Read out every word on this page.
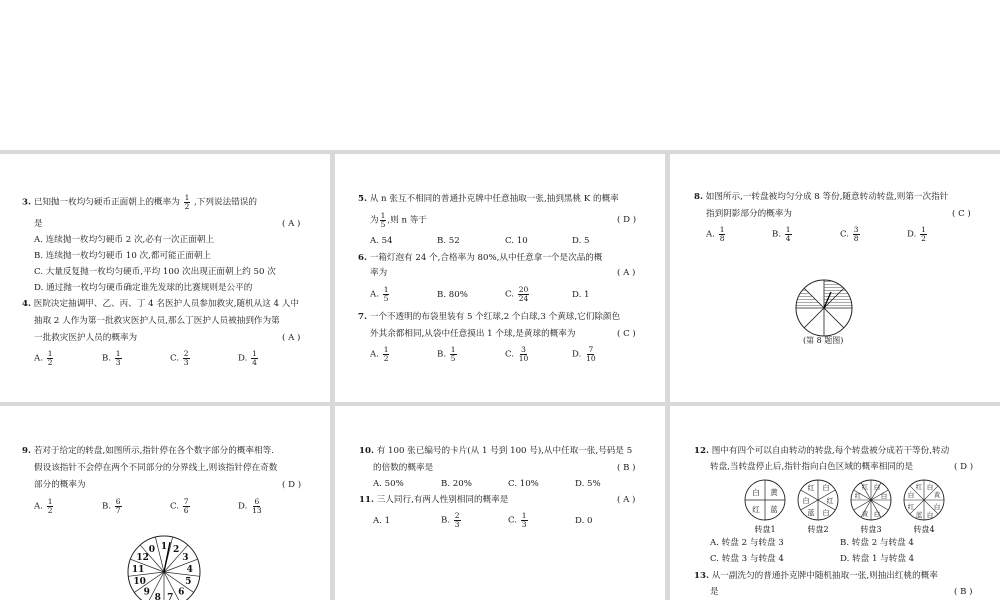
3. 已知抛一枚均匀硬币正面朝上的概率为 $\frac{1}{2}$ ,下列说法错误的
是	( A )
A. 连续抛一枚均匀硬币 2 次,必有一次正面朝上
B. 连续抛一枚均匀硬币 10 次,都可能正面朝上
C. 大量反复抛一枚均匀硬币,平均 100 次出现正面朝上约 50 次
D. 通过抛一枚均匀硬币确定谁先发球的比赛规则是公平的
4. 医院决定抽调甲、乙、丙、丁 4 名医护人员参加救灾,随机从这 4 人中
抽取 2 人作为第一批救灾医护人员,那么丁医护人员被抽到作为第
一批救灾医护人员的概率为	( A )
A. $\frac{1}{2}$	B. $\frac{1}{3}$	C. $\frac{2}{3}$	D. $\frac{1}{4}$
5. 从 n 张互不相同的普通扑克牌中任意抽取一张,抽到黑桃 K 的概率
为 $\frac{1}{5}$ ,则 n 等于	( D )
A. 54	B. 52	C. 10	D. 5
6. 一箱灯泡有 24 个,合格率为 80%,从中任意拿一个是次品的概
率为	( A )
A. $\frac{1}{5}$	B. 80%	C. $\frac{20}{24}$	D. 1
7. 一个不透明的布袋里装有 5 个红球,2 个白球,3 个黄球,它们除颜色
外其余都相同,从袋中任意摸出 1 个球,是黄球的概率为	( C )
A. $\frac{1}{2}$	B. $\frac{1}{5}$	C. $\frac{3}{10}$	D. $\frac{7}{10}$
8. 如图所示,一转盘被均匀分成 8 等份,随意转动转盘,则第一次指针
指到阴影部分的概率为	( C )
A. $\frac{1}{8}$	B. $\frac{1}{4}$	C. $\frac{3}{8}$	D. $\frac{1}{2}$
(第 8 题图)
9. 若对于给定的转盘,如图所示,指针停在各个数字部分的概率相等.
假设该指针不会停在两个不同部分的分界线上,则该指针停在奇数
部分的概率为	( D )
A. $\frac{1}{2}$	B. $\frac{6}{7}$	C. $\frac{7}{6}$	D. $\frac{6}{13}$
1 2
3
4
5
6
7
8
9
10
11
12
0
10. 有 100 张已编号的卡片(从 1 号到 100 号),从中任取一张,号码是 5
的倍数的概率是	( B )
A. 50%	B. 20%	C. 10%	D. 5%
11. 三人同行,有两人性别相同的概率是	( A )
A. 1	B. $\frac{2}{3}$	C. $\frac{1}{3}$	D. 0
12. 图中有四个可以自由转动的转盘,每个转盘被分成若干等份,转动
转盘,当转盘停止后,指针指向白色区域的概率相同的是	( D )
白 黄
红 蓝
红 白
白 红
蓝 白
红 白
红	白
黄 白
红 白
白	黄
红	白
蓝 白
转盘1	转盘2	转盘3	转盘4
A. 转盘 2 与转盘 3	B. 转盘 2 与转盘 4
C. 转盘 3 与转盘 4	D. 转盘 1 与转盘 4
13. 从一副洗匀的普通扑克牌中随机抽取一张,则抽出红桃的概率
是	( B )
